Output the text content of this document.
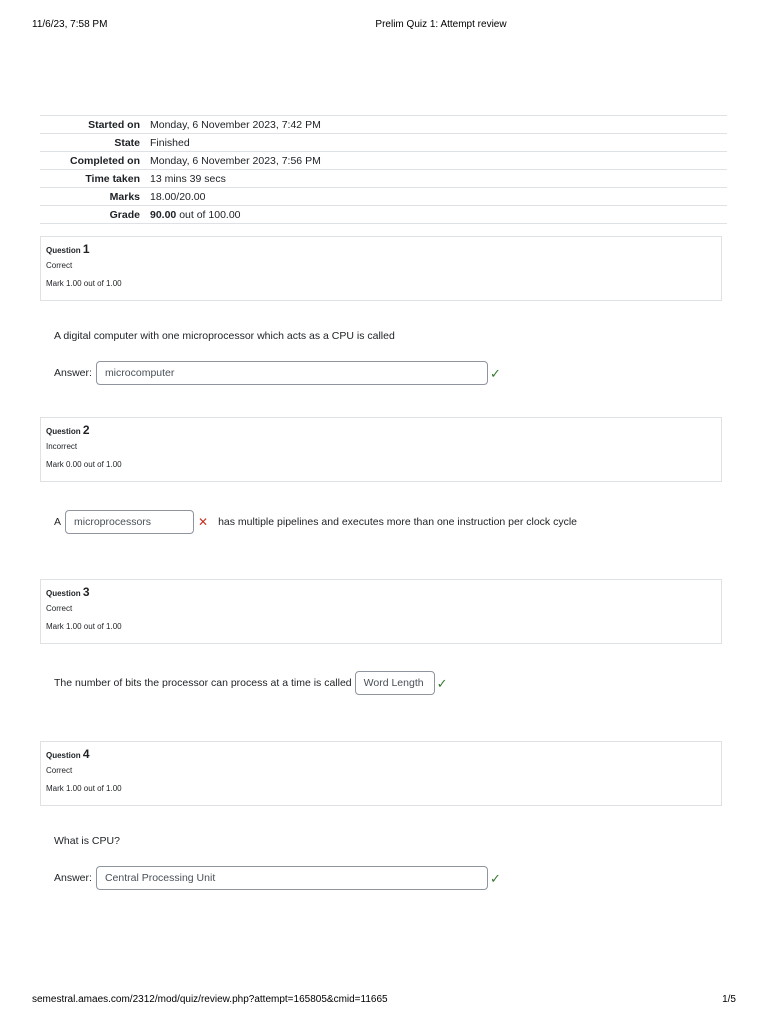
11/6/23, 7:58 PM	Prelim Quiz 1: Attempt review
Started on	Monday, 6 November 2023, 7:42 PM
State	Finished
Completed on	Monday, 6 November 2023, 7:56 PM
Time taken	13 mins 39 secs
Marks	18.00/20.00
Grade	90.00 out of 100.00
Question 1
Correct
Mark 1.00 out of 1.00
A digital computer with one microprocessor which acts as a CPU is called
Answer:	microcomputer	✓
Question 2
Incorrect
Mark 0.00 out of 1.00
A	microprocessors	✕ has multiple pipelines and executes more than one instruction per clock cycle
Question 3
Correct
Mark 1.00 out of 1.00
The number of bits the processor can process at a time is called	Word Length	✓
Question 4
Correct
Mark 1.00 out of 1.00
What is CPU?
Answer:	Central Processing Unit	✓
semestral.amaes.com/2312/mod/quiz/review.php?attempt=165805&cmid=11665	1/5
